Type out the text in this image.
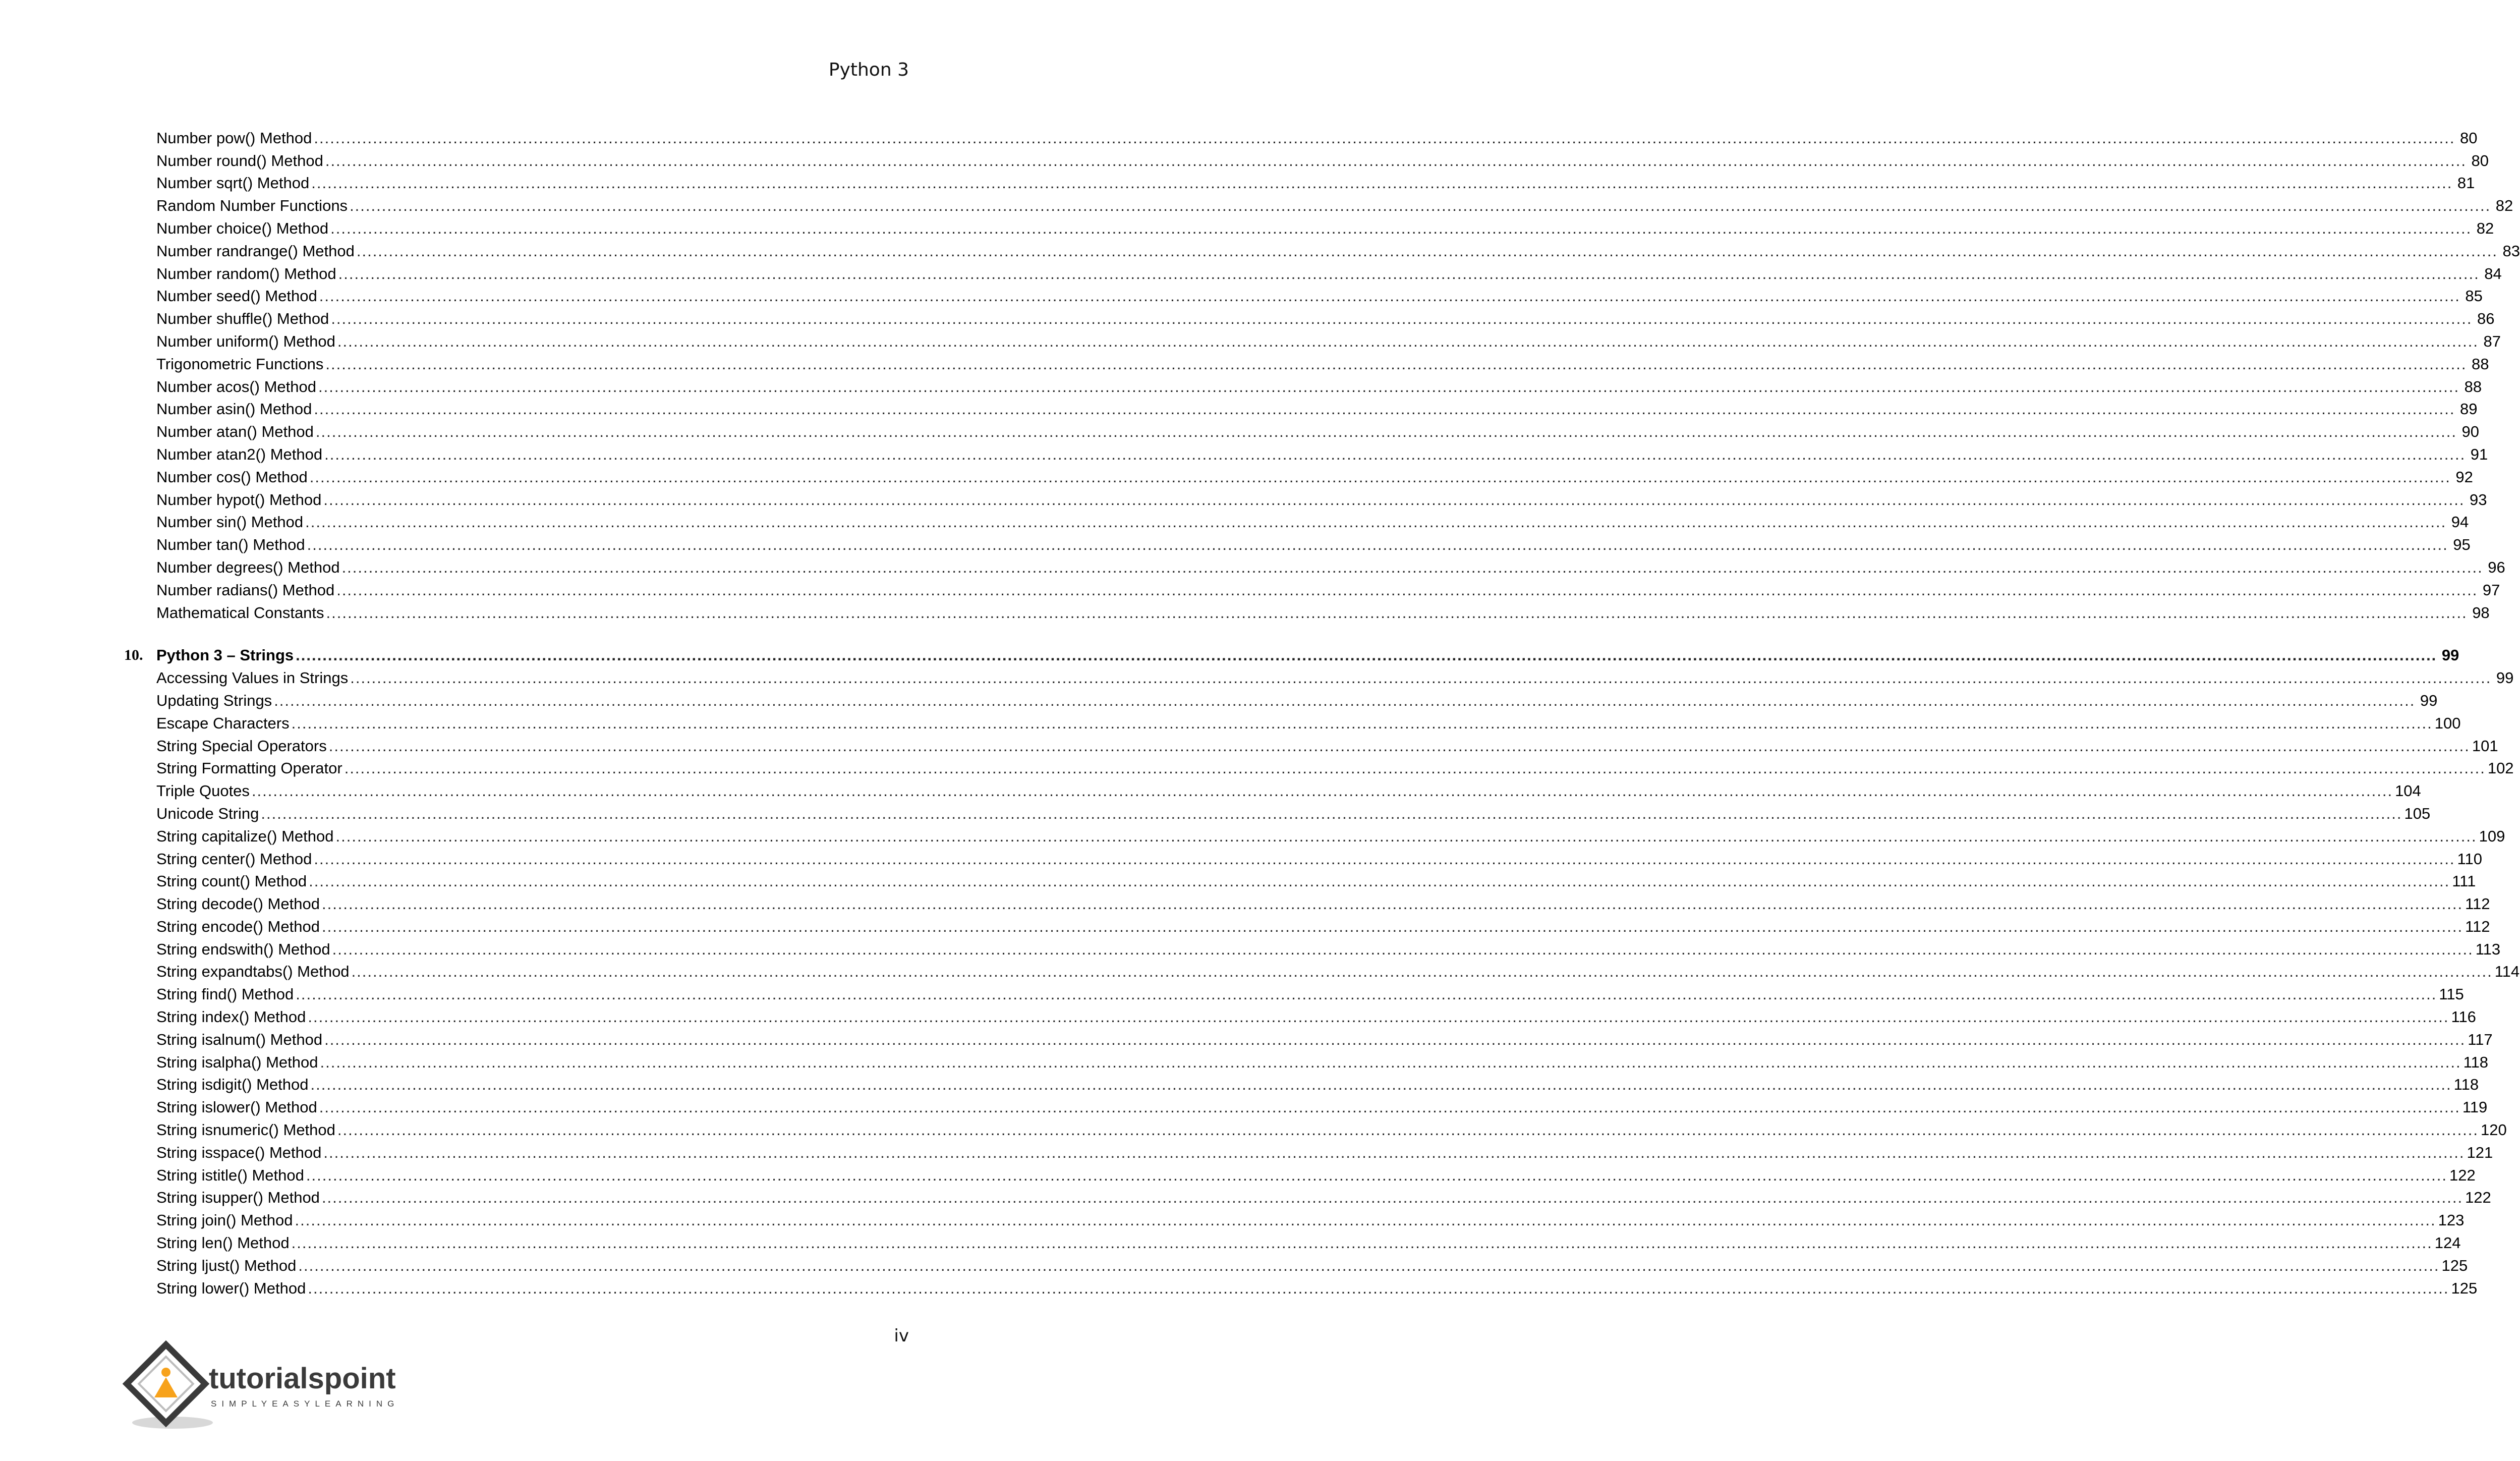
Python 3
Number pow() Method ................................................................................................................................................................................................................................................................................................................................................................................................................ 80
Number round() Method ................................................................................................................................................................................................................................................................................................................................................................................................................ 80
Number sqrt() Method ................................................................................................................................................................................................................................................................................................................................................................................................................ 81
Random Number Functions ................................................................................................................................................................................................................................................................................................................................................................................................................ 82
Number choice() Method ................................................................................................................................................................................................................................................................................................................................................................................................................ 82
Number randrange() Method ................................................................................................................................................................................................................................................................................................................................................................................................................ 83
Number random() Method ................................................................................................................................................................................................................................................................................................................................................................................................................ 84
Number seed() Method ................................................................................................................................................................................................................................................................................................................................................................................................................ 85
Number shuffle() Method ................................................................................................................................................................................................................................................................................................................................................................................................................ 86
Number uniform() Method ................................................................................................................................................................................................................................................................................................................................................................................................................ 87
Trigonometric Functions ................................................................................................................................................................................................................................................................................................................................................................................................................ 88
Number acos() Method ................................................................................................................................................................................................................................................................................................................................................................................................................ 88
Number asin() Method ................................................................................................................................................................................................................................................................................................................................................................................................................ 89
Number atan() Method ................................................................................................................................................................................................................................................................................................................................................................................................................ 90
Number atan2() Method ................................................................................................................................................................................................................................................................................................................................................................................................................ 91
Number cos() Method ................................................................................................................................................................................................................................................................................................................................................................................................................ 92
Number hypot() Method ................................................................................................................................................................................................................................................................................................................................................................................................................ 93
Number sin() Method ................................................................................................................................................................................................................................................................................................................................................................................................................ 94
Number tan() Method ................................................................................................................................................................................................................................................................................................................................................................................................................ 95
Number degrees() Method ................................................................................................................................................................................................................................................................................................................................................................................................................ 96
Number radians() Method ................................................................................................................................................................................................................................................................................................................................................................................................................ 97
Mathematical Constants ................................................................................................................................................................................................................................................................................................................................................................................................................ 98
10. Python 3 – Strings ................................................................................................................................................................................................................................................................................................................................................................................................................ 99
Accessing Values in Strings ................................................................................................................................................................................................................................................................................................................................................................................................................ 99
Updating Strings ................................................................................................................................................................................................................................................................................................................................................................................................................ 99
Escape Characters ................................................................................................................................................................................................................................................................................................................................................................................................................ 100
String Special Operators ................................................................................................................................................................................................................................................................................................................................................................................................................ 101
String Formatting Operator ................................................................................................................................................................................................................................................................................................................................................................................................................ 102
Triple Quotes ................................................................................................................................................................................................................................................................................................................................................................................................................ 104
Unicode String ................................................................................................................................................................................................................................................................................................................................................................................................................ 105
String capitalize() Method ................................................................................................................................................................................................................................................................................................................................................................................................................ 109
String center() Method ................................................................................................................................................................................................................................................................................................................................................................................................................ 110
String count() Method ................................................................................................................................................................................................................................................................................................................................................................................................................ 111
String decode() Method ................................................................................................................................................................................................................................................................................................................................................................................................................ 112
String encode() Method ................................................................................................................................................................................................................................................................................................................................................................................................................ 112
String endswith() Method ................................................................................................................................................................................................................................................................................................................................................................................................................ 113
String expandtabs() Method ................................................................................................................................................................................................................................................................................................................................................................................................................ 114
String find() Method ................................................................................................................................................................................................................................................................................................................................................................................................................ 115
String index() Method ................................................................................................................................................................................................................................................................................................................................................................................................................ 116
String isalnum() Method ................................................................................................................................................................................................................................................................................................................................................................................................................ 117
String isalpha() Method ................................................................................................................................................................................................................................................................................................................................................................................................................ 118
String isdigit() Method ................................................................................................................................................................................................................................................................................................................................................................................................................ 118
String islower() Method ................................................................................................................................................................................................................................................................................................................................................................................................................ 119
String isnumeric() Method ................................................................................................................................................................................................................................................................................................................................................................................................................ 120
String isspace() Method ................................................................................................................................................................................................................................................................................................................................................................................................................ 121
String istitle() Method ................................................................................................................................................................................................................................................................................................................................................................................................................ 122
String isupper() Method ................................................................................................................................................................................................................................................................................................................................................................................................................ 122
String join() Method ................................................................................................................................................................................................................................................................................................................................................................................................................ 123
String len() Method ................................................................................................................................................................................................................................................................................................................................................................................................................ 124
String ljust() Method ................................................................................................................................................................................................................................................................................................................................................................................................................ 125
String lower() Method ................................................................................................................................................................................................................................................................................................................................................................................................................ 125
iv
tutorialspoint
SIMPLYEASYLEARNING
